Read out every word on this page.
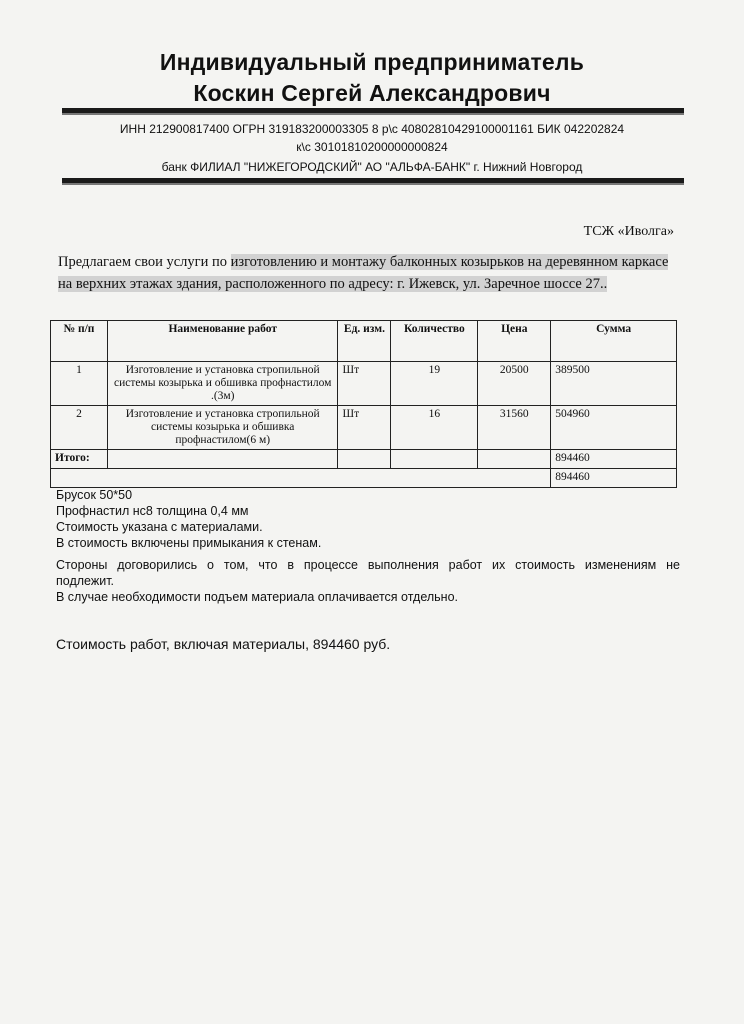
Индивидуальный предприниматель
Коскин Сергей Александрович
ИНН 212900817400 ОГРН 319183200003305 8 р\с 40802810429100001161 БИК 042202824
к\с 30101810200000000824
банк ФИЛИАЛ "НИЖЕГОРОДСКИЙ" АО "АЛЬФА-БАНК" г. Нижний Новгород
ТСЖ «Иволга»
Предлагаем свои услуги по изготовлению и монтажу балконных козырьков на деревянном каркасе на верхних этажах здания, расположенного по адресу: г. Ижевск, ул. Заречное шоссе 27..
№ п/п	Наименование работ	Ед. изм.	Количество	Цена	Сумма
1	Изготовление и установка стропильной системы козырька и обшивка профнастилом .(3м)	Шт	19	20500	389500
2	Изготовление и установка стропильной системы козырька и обшивка профнастилом(6 м)	Шт	16	31560	504960
Итого:					894460
					894460

Брусок 50*50

Профнастил нс8 толщина 0,4 мм

Стоимость указана с материалами.

В стоимость включены примыкания к стенам.

Стороны договорились о том, что в процессе выполнения работ их стоимость изменениям не

подлежит.

В случае необходимости подъем материала оплачивается отдельно.

Стоимость работ, включая материалы, 894460 руб.
